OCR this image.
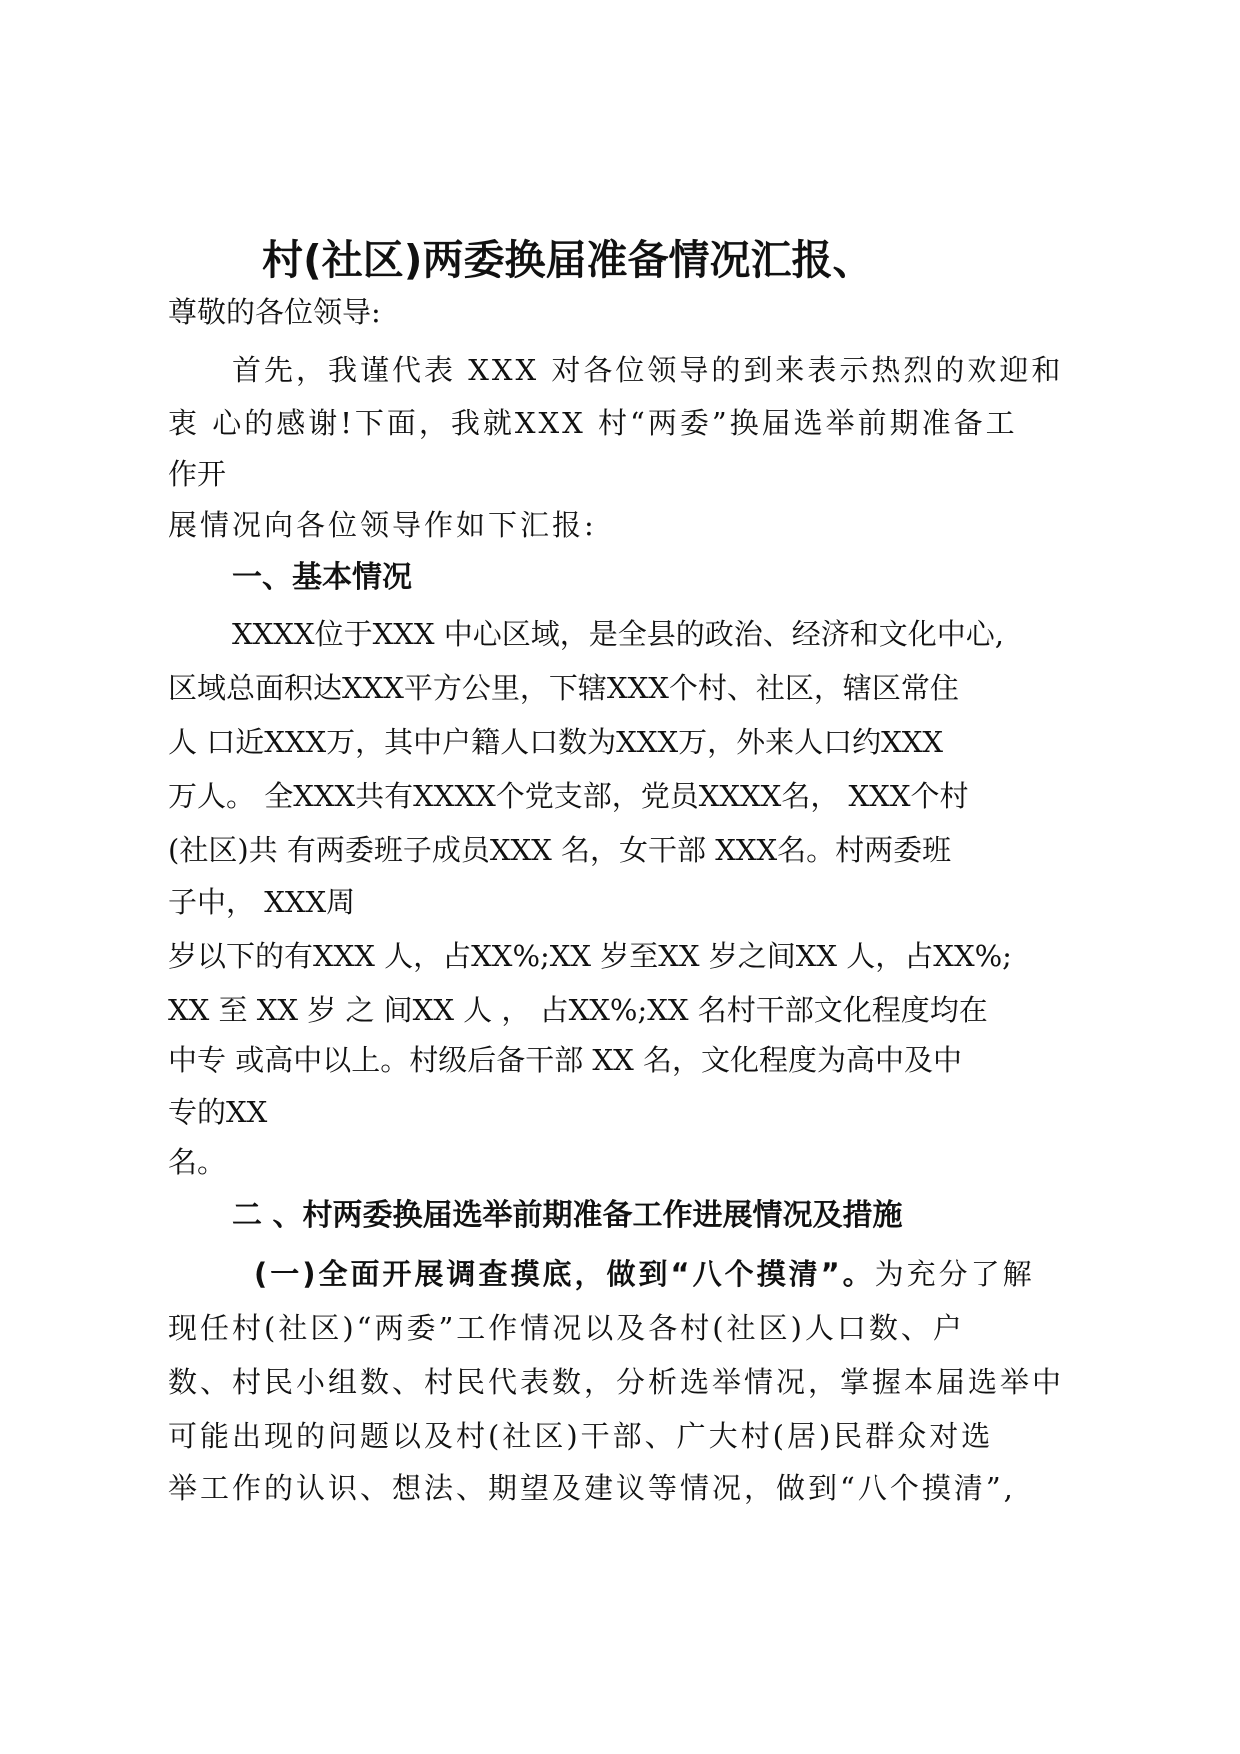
村(社区)两委换届准备情况汇报、
尊敬的各位领导:
首先，我谨代表 XXX 对各位领导的到来表示热烈的欢迎和
衷 心的感谢!下面，我就XXX 村“两委”换届选举前期准备工
作开
展情况向各位领导作如下汇报:
一、基本情况
XXXX位于XXX 中心区域，是全县的政治、经济和文化中心,
区域总面积达XXX平方公里，下辖XXX个村、社区，辖区常住
人 口近XXX万，其中户籍人口数为XXX万，外来人口约XXX
万人。 全XXX共有XXXX个党支部，党员XXXX名， XXX个村
(社区)共 有两委班子成员XXX 名，女干部 XXX名。村两委班
子中， XXX周
岁以下的有XXX 人，占XX%;XX 岁至XX 岁之间XX 人，占XX%;
XX 至 XX 岁 之 间XX 人 ， 占XX%;XX 名村干部文化程度均在
中专 或高中以上。村级后备干部 XX 名，文化程度为高中及中
专的XX
名。
二 、村两委换届选举前期准备工作进展情况及措施
(一)全面开展调查摸底，做到“八个摸清”。为充分了解
现任村(社区)“两委”工作情况以及各村(社区)人口数、户
数、村民小组数、村民代表数，分析选举情况，掌握本届选举中
可能出现的问题以及村(社区)干部、广大村(居)民群众对选
举工作的认识、想法、期望及建议等情况，做到“八个摸清”,
